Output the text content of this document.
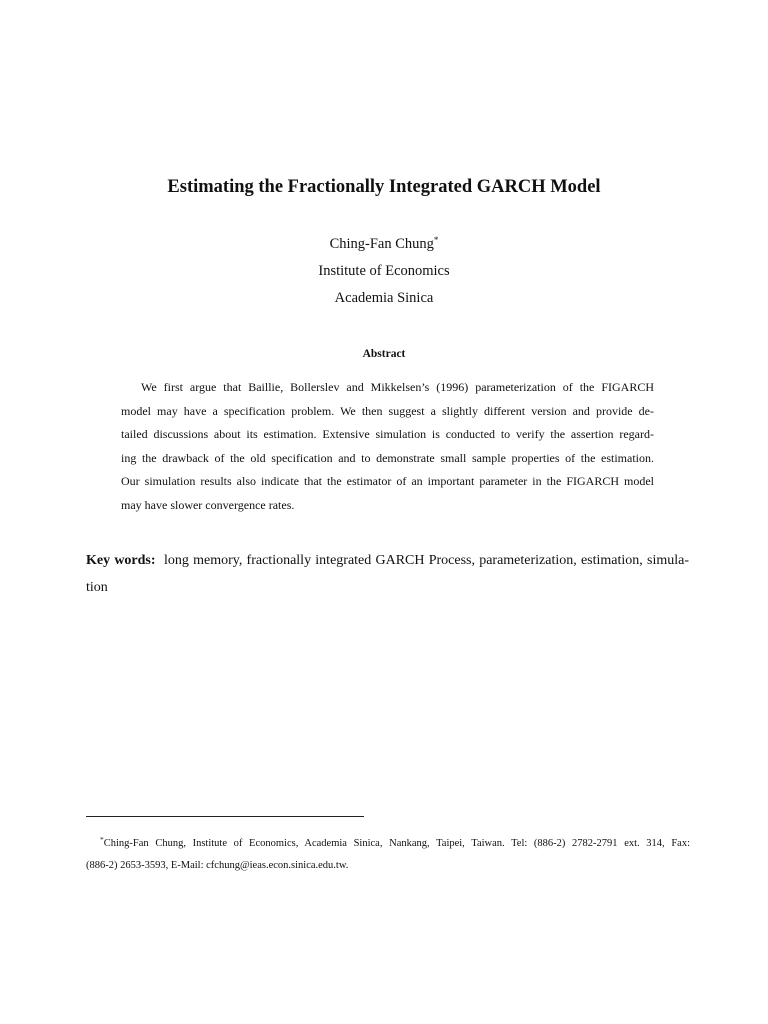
Estimating the Fractionally Integrated GARCH Model
Ching-Fan Chung*
Institute of Economics
Academia Sinica
Abstract
We first argue that Baillie, Bollerslev and Mikkelsen’s (1996) parameterization of the FIGARCH
model may have a specification problem. We then suggest a slightly different version and provide de-
tailed discussions about its estimation. Extensive simulation is conducted to verify the assertion regard-
ing the drawback of the old specification and to demonstrate small sample properties of the estimation.
Our simulation results also indicate that the estimator of an important parameter in the FIGARCH model
may have slower convergence rates.
Key words: long memory, fractionally integrated GARCH Process, parameterization, estimation, simula-
tion
*Ching-Fan Chung, Institute of Economics, Academia Sinica, Nankang, Taipei, Taiwan. Tel: (886-2) 2782-2791 ext. 314, Fax:
(886-2) 2653-3593, E-Mail: cfchung@ieas.econ.sinica.edu.tw.
